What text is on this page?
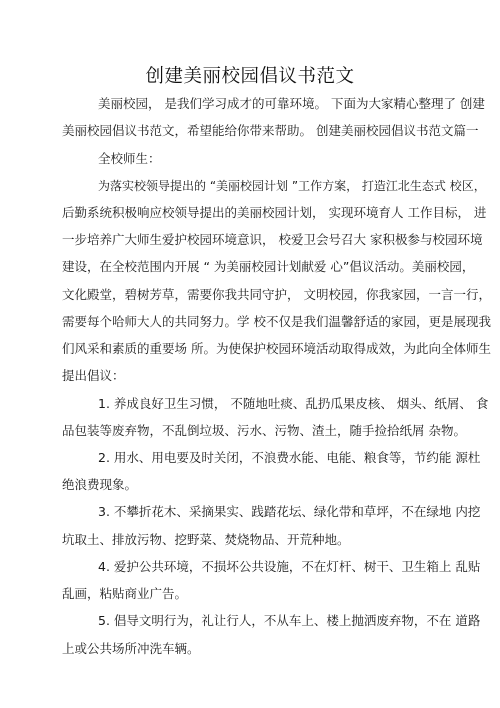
创建美丽校园倡议书范文
美丽校园， 是我们学习成才的可靠环境。 下面为大家精心整理了 创建
美丽校园倡议书范文，希望能给你带来帮助。 创建美丽校园倡议书范文篇一
全校师生：
为落实校领导提出的 “美丽校园计划 ”工作方案， 打造江北生态式 校区，
后勤系统积极响应校领导提出的美丽校园计划， 实现环境育人 工作目标， 进
一步培养广大师生爱护校园环境意识， 校爱卫会号召大 家积极参与校园环境
建设，在全校范围内开展 “ 为美丽校园计划献爱 心”倡议活动。美丽校园，
文化殿堂，碧树芳草，需要你我共同守护， 文明校园，你我家园，一言一行，
需要每个哈师大人的共同努力。学 校不仅是我们温馨舒适的家园，更是展现我
们风采和素质的重要场 所。为使保护校园环境活动取得成效，为此向全体师生
提出倡议：
1. 养成良好卫生习惯， 不随地吐痰、乱扔瓜果皮核、 烟头、纸屑、 食
品包装等废弃物，不乱倒垃圾、污水、污物、渣土，随手捡拾纸屑 杂物。
2. 用水、用电要及时关闭，不浪费水能、电能、粮食等，节约能 源杜
绝浪费现象。
3. 不攀折花木、采摘果实、践踏花坛、绿化带和草坪，不在绿地 内挖
坑取土、排放污物、挖野菜、焚烧物品、开荒种地。
4. 爱护公共环境，不损坏公共设施，不在灯杆、树干、卫生箱上 乱贴
乱画，粘贴商业广告。
5. 倡导文明行为，礼让行人，不从车上、楼上抛洒废弃物，不在 道路
上或公共场所冲洗车辆。
